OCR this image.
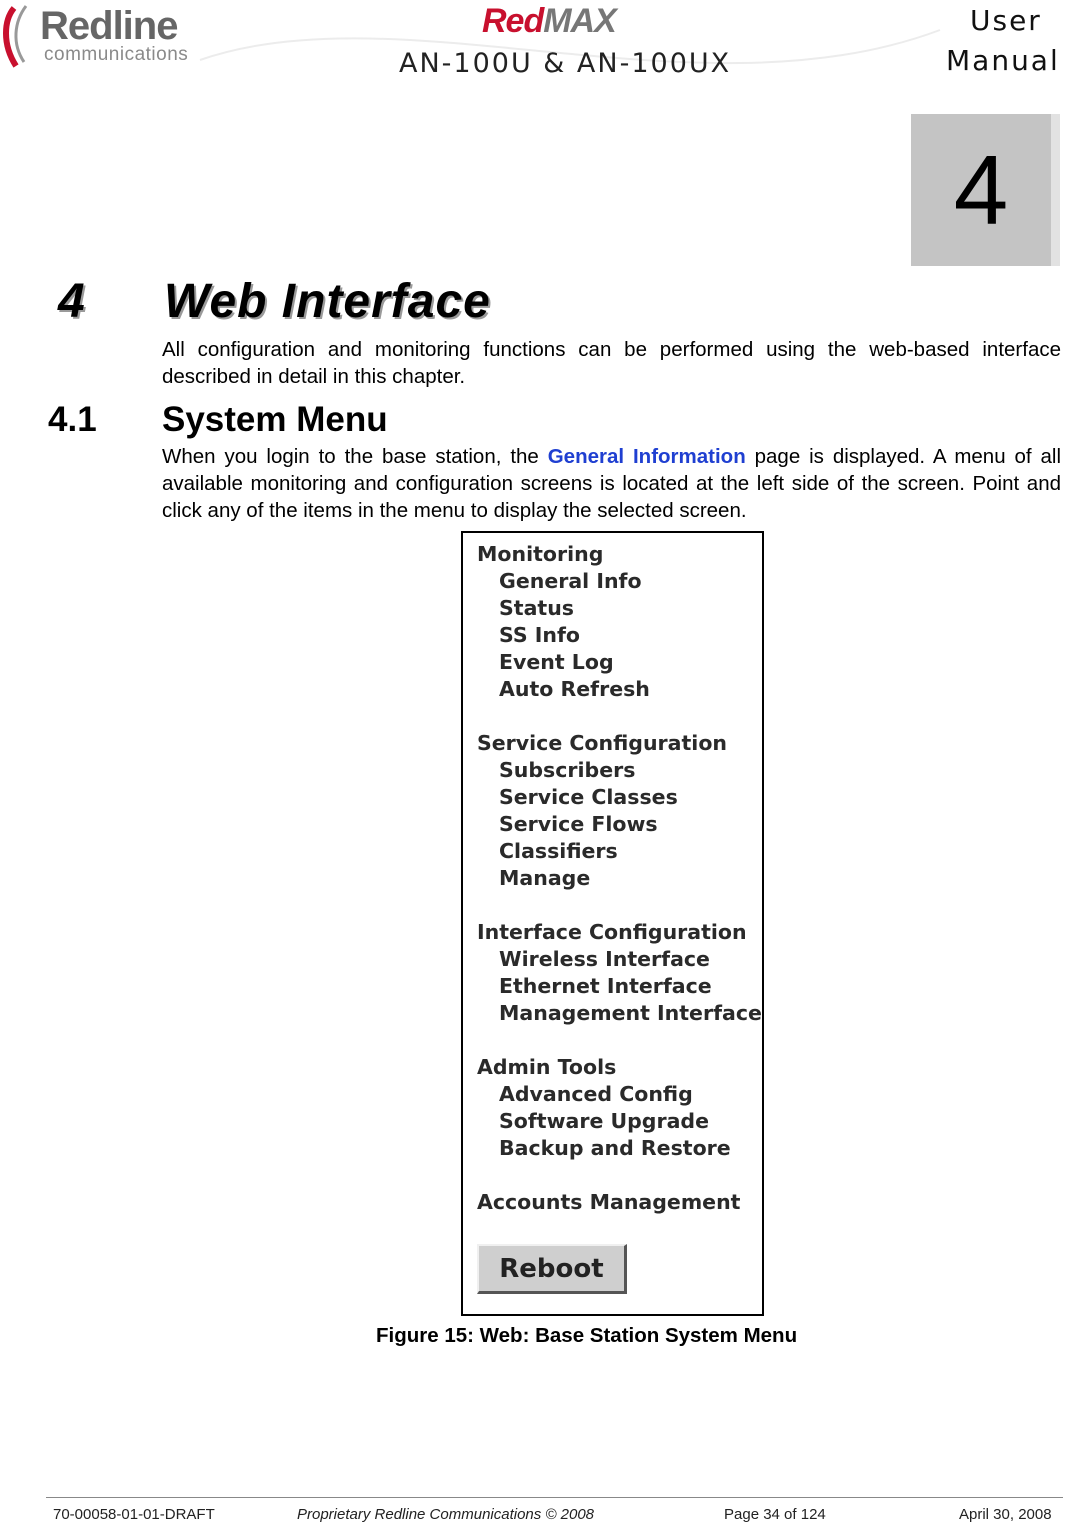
Redline
communications
RedMAX
AN-100U & AN-100UX
User
Manual
4
4 Web Interface
All configuration and monitoring functions can be performed using the web-based interface described in detail in this chapter.
4.1 System Menu
When you login to the base station, the General Information page is displayed. A menu of all available monitoring and configuration screens is located at the left side of the screen. Point and click any of the items in the menu to display the selected screen.
Monitoring
General Info
Status
SS Info
Event Log
Auto Refresh
Service Configuration
Subscribers
Service Classes
Service Flows
Classifiers
Manage
Interface Configuration
Wireless Interface
Ethernet Interface
Management Interface
Admin Tools
Advanced Config
Software Upgrade
Backup and Restore
Accounts Management
Reboot
Figure 15: Web: Base Station System Menu
70-00058-01-01-DRAFT	Proprietary Redline Communications © 2008	Page 34 of 124	April 30, 2008
